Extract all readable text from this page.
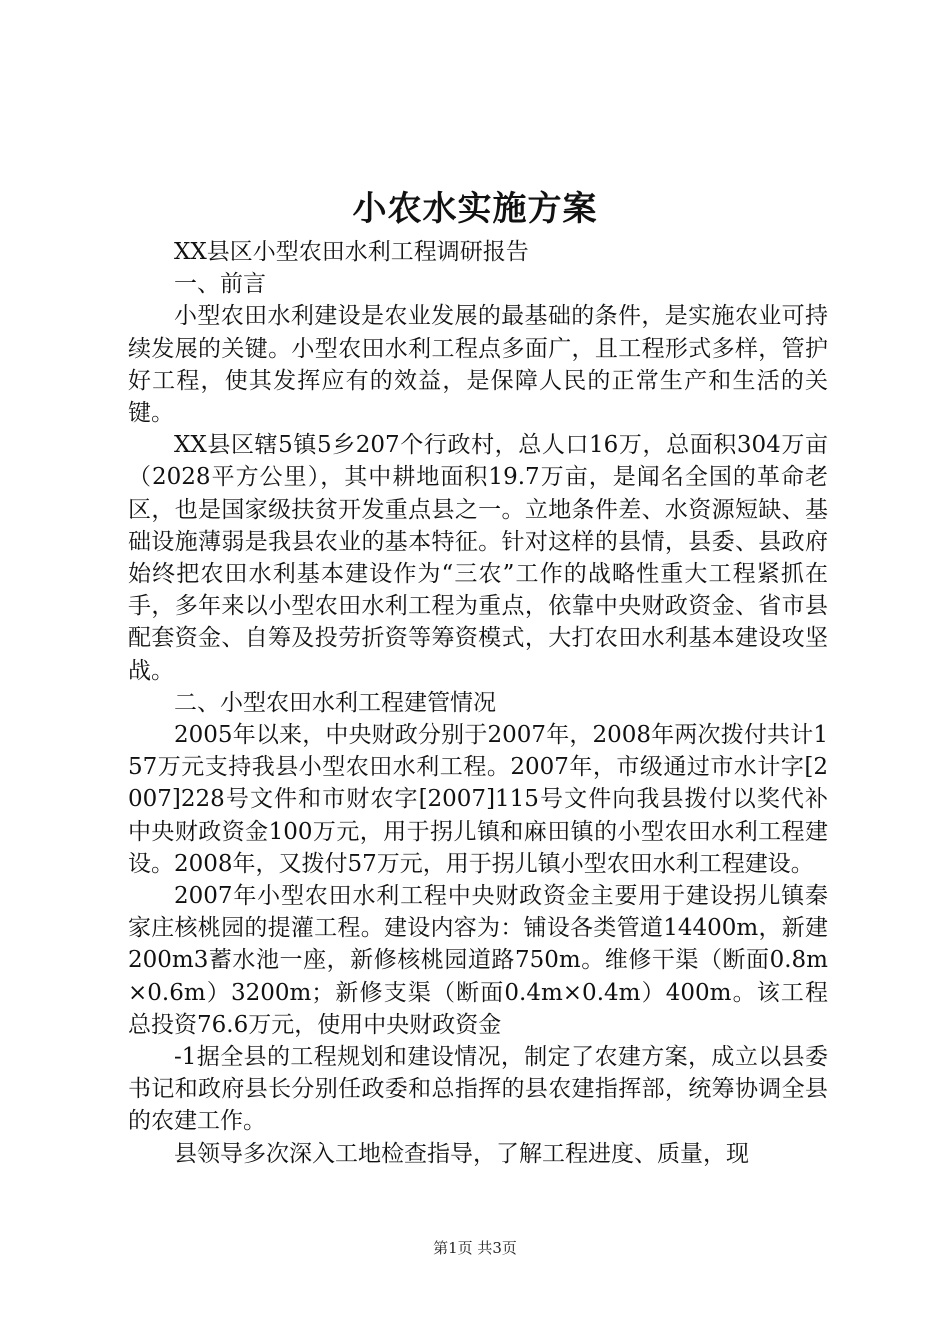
小农水实施方案

XX县区小型农田水利工程调研报告

一、前言

小型农田水利建设是农业发展的最基础的条件，是实施农业可持续发展的关键。小型农田水利工程点多面广，且工程形式多样，管护好工程，使其发挥应有的效益，是保障人民的正常生产和生活的关键。

XX县区辖5镇5乡207个行政村，总人口16万，总面积304万亩（2028平方公里），其中耕地面积19.7万亩，是闻名全国的革命老区，也是国家级扶贫开发重点县之一。立地条件差、水资源短缺、基础设施薄弱是我县农业的基本特征。针对这样的县情，县委、县政府始终把农田水利基本建设作为“三农”工作的战略性重大工程紧抓在手，多年来以小型农田水利工程为重点，依靠中央财政资金、省市县配套资金、自筹及投劳折资等筹资模式，大打农田水利基本建设攻坚战。

二、小型农田水利工程建管情况

2005年以来，中央财政分别于2007年，2008年两次拨付共计157万元支持我县小型农田水利工程。2007年，市级通过市水计字[2007]228号文件和市财农字[2007]115号文件向我县拨付以奖代补中央财政资金100万元，用于拐儿镇和麻田镇的小型农田水利工程建设。2008年，又拨付57万元，用于拐儿镇小型农田水利工程建设。

2007年小型农田水利工程中央财政资金主要用于建设拐儿镇秦家庄核桃园的提灌工程。建设内容为：铺设各类管道14400m，新建200m3蓄水池一座，新修核桃园道路750m。维修干渠（断面0.8m×0.6m）3200m；新修支渠（断面0.4m×0.4m）400m。该工程总投资76.6万元，使用中央财政资金

-1据全县的工程规划和建设情况，制定了农建方案，成立以县委书记和政府县长分别任政委和总指挥的县农建指挥部，统筹协调全县的农建工作。

县领导多次深入工地检查指导，了解工程进度、质量，现

第1页 共3页
